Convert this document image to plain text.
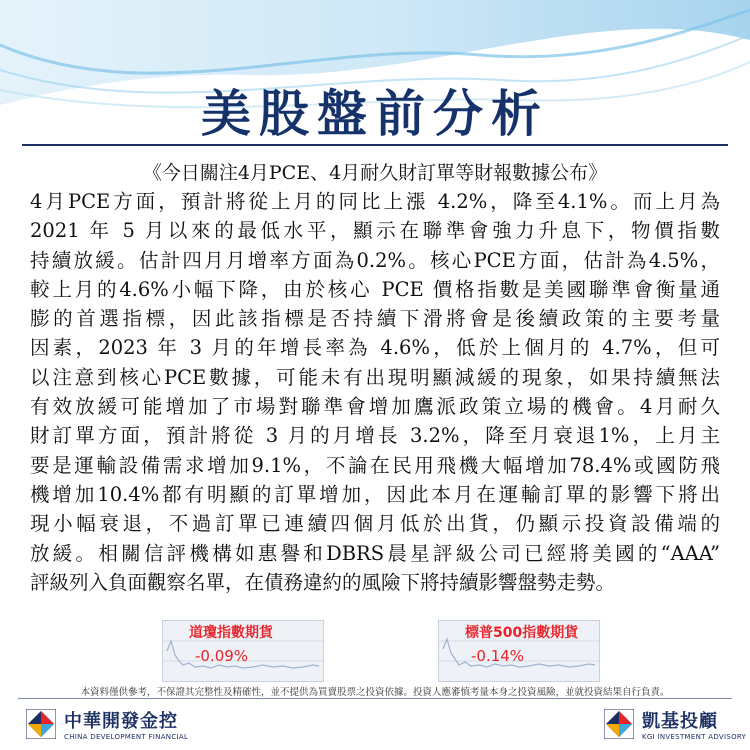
美股盤前分析
《今日關注4月PCE、4月耐久財訂單等財報數據公布》
4月PCE方面，預計將從上月的同比上漲 4.2%，降至4.1%。而上月為
2021 年 5 月以來的最低水平，顯示在聯準會強力升息下，物價指數
持續放緩。估計四月月增率方面為0.2%。核心PCE方面，估計為4.5%，
較上月的4.6%小幅下降，由於核心 PCE 價格指數是美國聯準會衡量通
膨的首選指標，因此該指標是否持續下滑將會是後續政策的主要考量
因素，2023 年 3 月的年增長率為 4.6%，低於上個月的 4.7%，但可
以注意到核心PCE數據，可能未有出現明顯減緩的現象，如果持續無法
有效放緩可能增加了市場對聯準會增加鷹派政策立場的機會。4月耐久
財訂單方面，預計將從 3 月的月增長 3.2%，降至月衰退1%，上月主
要是運輸設備需求增加9.1%，不論在民用飛機大幅增加78.4%或國防飛
機增加10.4%都有明顯的訂單增加，因此本月在運輸訂單的影響下將出
現小幅衰退，不過訂單已連續四個月低於出貨，仍顯示投資設備端的
放緩。相關信評機構如惠譽和DBRS晨星評級公司已經將美國的“AAA”
評級列入負面觀察名單，在債務違約的風險下將持續影響盤勢走勢。
道瓊指數期貨
-0.09%
標普500指數期貨
-0.14%
本資料僅供參考，不保證其完整性及精確性，並不提供為買賣股票之投資依據。投資人應審慎考量本身之投資風險，並就投資結果自行負責。
中華開發金控
CHINA DEVELOPMENT FINANCIAL
凱基投顧
KGI INVESTMENT ADVISORY
